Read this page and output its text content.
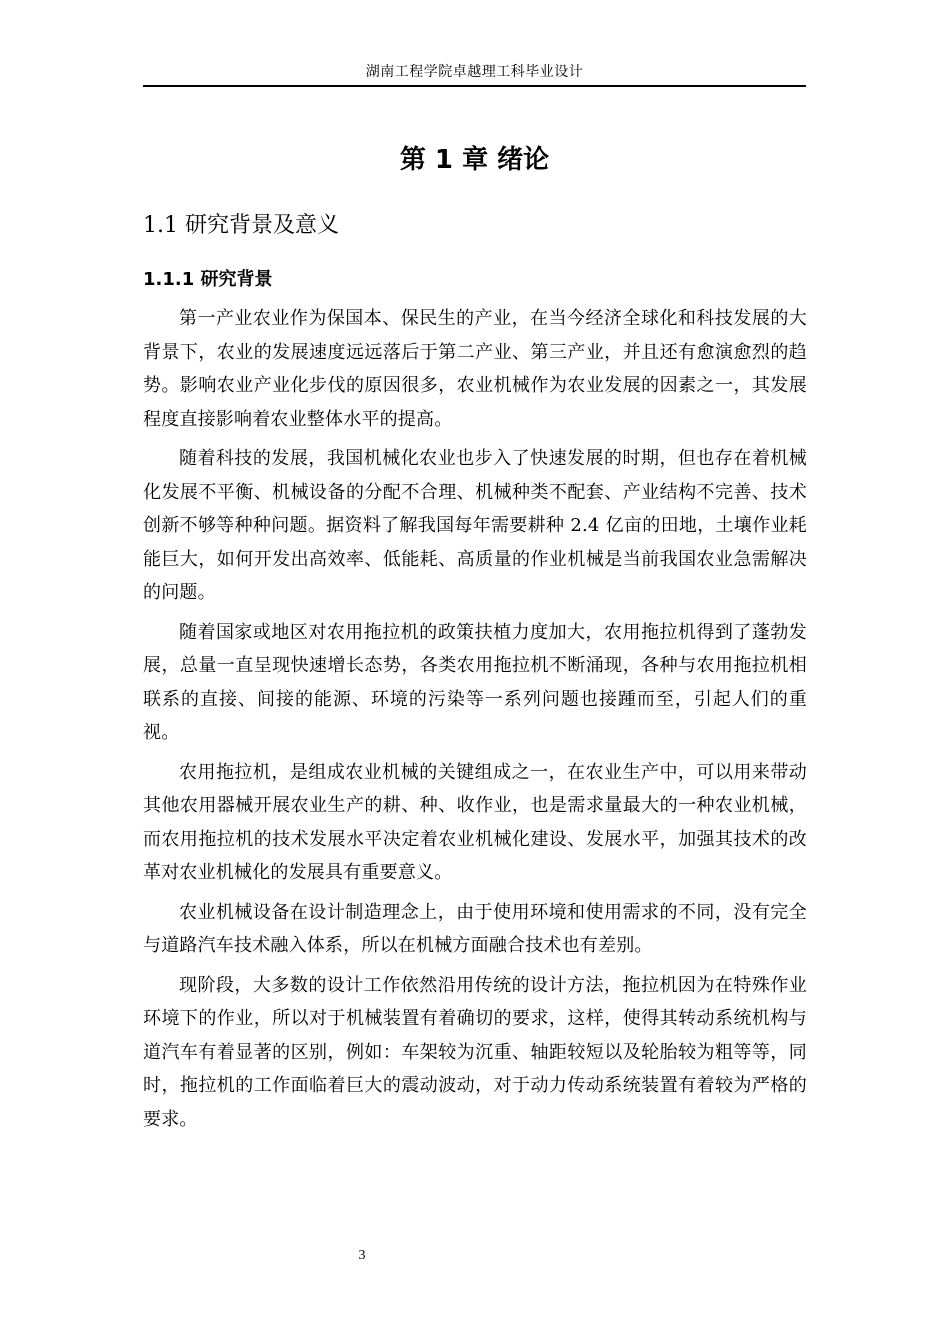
湖南工程学院卓越理工科毕业设计
第 1 章 绪论
1.1 研究背景及意义
1.1.1 研究背景

第一产业农业作为保国本、保民生的产业，在当今经济全球化和科技发展的大背景下，农业的发展速度远远落后于第二产业、第三产业，并且还有愈演愈烈的趋势。影响农业产业化步伐的原因很多，农业机械作为农业发展的因素之一，其发展程度直接影响着农业整体水平的提高。

随着科技的发展，我国机械化农业也步入了快速发展的时期，但也存在着机械化发展不平衡、机械设备的分配不合理、机械种类不配套、产业结构不完善、技术创新不够等种种问题。据资料了解我国每年需要耕种 2.4 亿亩的田地，土壤作业耗能巨大，如何开发出高效率、低能耗、高质量的作业机械是当前我国农业急需解决的问题。

随着国家或地区对农用拖拉机的政策扶植力度加大，农用拖拉机得到了蓬勃发展，总量一直呈现快速增长态势，各类农用拖拉机不断涌现，各种与农用拖拉机相联系的直接、间接的能源、环境的污染等一系列问题也接踵而至，引起人们的重视。

农用拖拉机，是组成农业机械的关键组成之一，在农业生产中，可以用来带动其他农用器械开展农业生产的耕、种、收作业，也是需求量最大的一种农业机械，而农用拖拉机的技术发展水平决定着农业机械化建设、发展水平，加强其技术的改革对农业机械化的发展具有重要意义。

农业机械设备在设计制造理念上，由于使用环境和使用需求的不同，没有完全与道路汽车技术融入体系，所以在机械方面融合技术也有差别。

现阶段，大多数的设计工作依然沿用传统的设计方法，拖拉机因为在特殊作业环境下的作业，所以对于机械装置有着确切的要求，这样，使得其转动系统机构与道汽车有着显著的区别，例如：车架较为沉重、轴距较短以及轮胎较为粗等等，同时，拖拉机的工作面临着巨大的震动波动，对于动力传动系统装置有着较为严格的要求。

3
